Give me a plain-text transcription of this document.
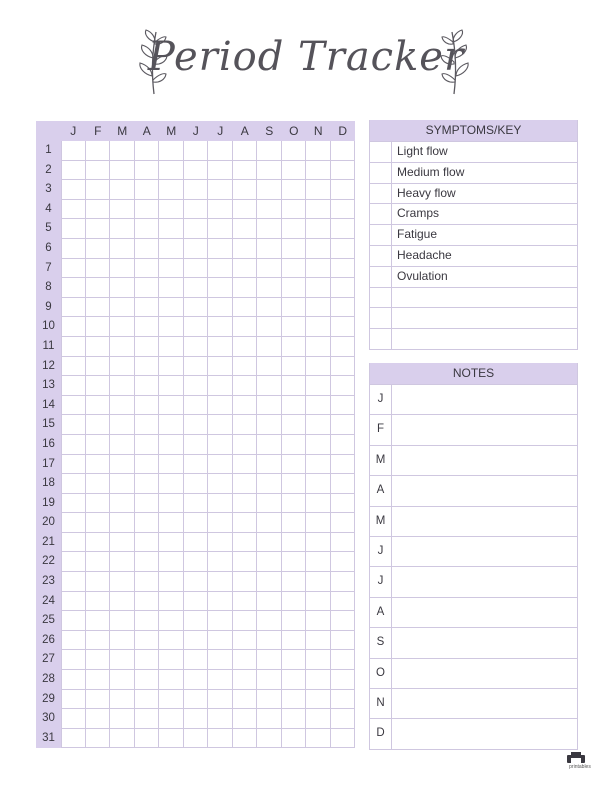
Period Tracker
J	F	M	A	M	J	J	A	S	O	N	D
1
2
3
4
5
6
7
8
9
10
11
12
13
14
15
16
17
18
19
20
21
22
23
24
25
26
27
28
29
30
31
SYMPTOMS/KEY
Light flow
Medium flow
Heavy flow
Cramps
Fatigue
Headache
Ovulation
NOTES
J
F
M
A
M
J
J
A
S
O
N
D
printables
